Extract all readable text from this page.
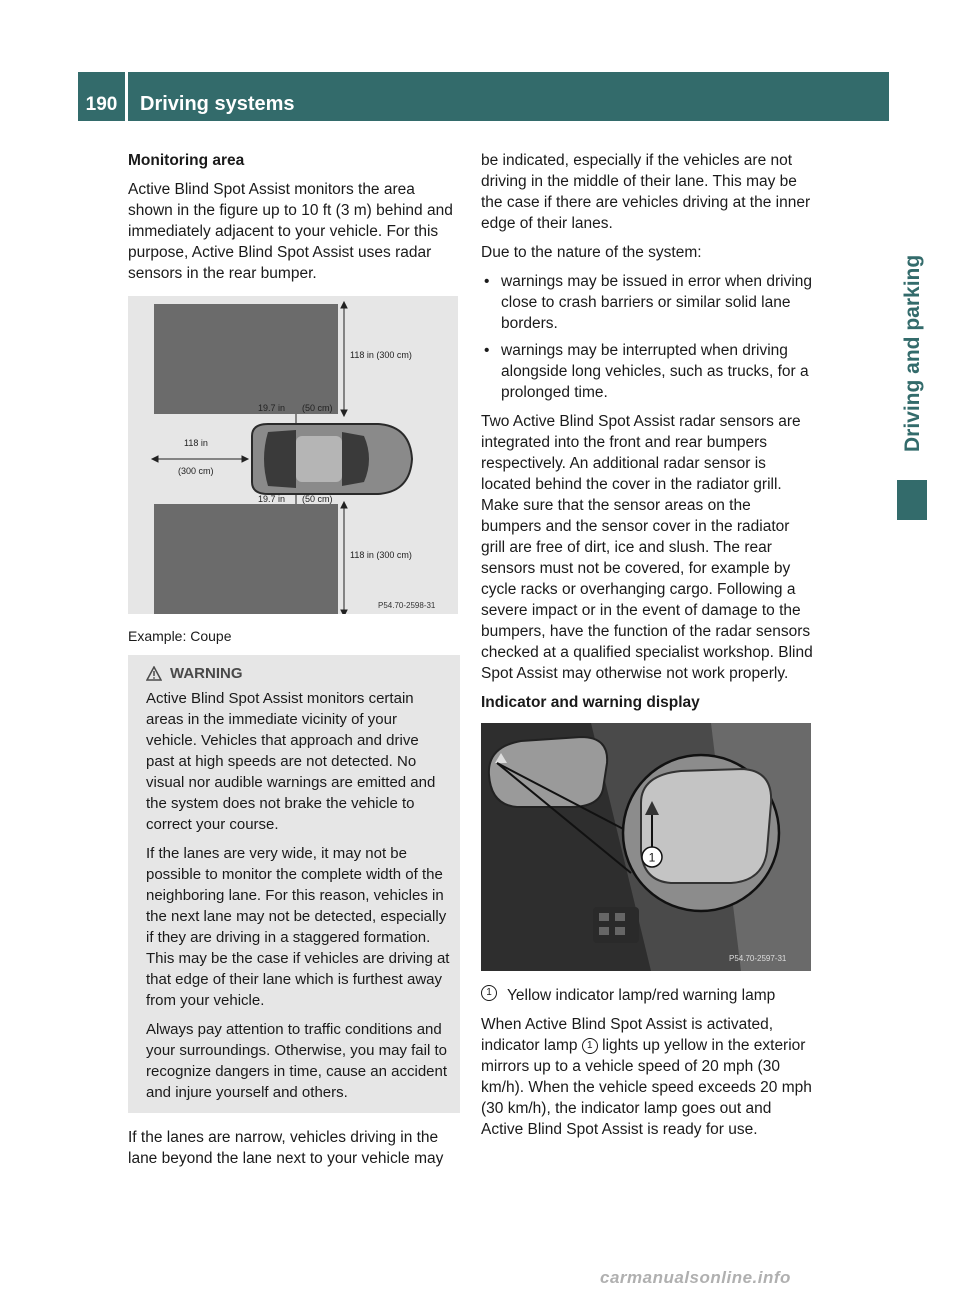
190	Driving systems
Driving and parking

Monitoring area

Active Blind Spot Assist monitors the area shown in the figure up to 10 ft (3 m) behind and immediately adjacent to your vehicle. For this purpose, Active Blind Spot Assist uses radar sensors in the rear bumper.

118 in (300 cm)
19.7 in (50 cm)
118 in
(300 cm)
19.7 in (50 cm)
118 in (300 cm)
P54.70-2598-31

Example: Coupe

WARNING

Active Blind Spot Assist monitors certain areas in the immediate vicinity of your vehicle. Vehicles that approach and drive past at high speeds are not detected. No visual nor audible warnings are emitted and the system does not brake the vehicle to correct your course.

If the lanes are very wide, it may not be possible to monitor the complete width of the neighboring lane. For this reason, vehicles in the next lane may not be detected, especially if they are driving in a staggered formation. This may be the case if vehicles are driving at that edge of their lane which is furthest away from your vehicle.

Always pay attention to traffic conditions and your surroundings. Otherwise, you may fail to recognize dangers in time, cause an accident and injure yourself and others.

If the lanes are narrow, vehicles driving in the lane beyond the lane next to your vehicle may

be indicated, especially if the vehicles are not driving in the middle of their lane. This may be the case if there are vehicles driving at the inner edge of their lanes.

Due to the nature of the system:

• warnings may be issued in error when driving close to crash barriers or similar solid lane borders.
• warnings may be interrupted when driving alongside long vehicles, such as trucks, for a prolonged time.

Two Active Blind Spot Assist radar sensors are integrated into the front and rear bumpers respectively. An additional radar sensor is located behind the cover in the radiator grill. Make sure that the sensor areas on the bumpers and the sensor cover in the radiator grill are free of dirt, ice and slush. The rear sensors must not be covered, for example by cycle racks or overhanging cargo. Following a severe impact or in the event of damage to the bumpers, have the function of the radar sensors checked at a qualified specialist workshop. Blind Spot Assist may otherwise not work properly.

Indicator and warning display

1
P54.70-2597-31
1 Yellow indicator lamp/red warning lamp

When Active Blind Spot Assist is activated, indicator lamp 1 lights up yellow in the exterior mirrors up to a vehicle speed of 20 mph (30 km/h). When the vehicle speed exceeds 20 mph (30 km/h), the indicator lamp goes out and Active Blind Spot Assist is ready for use.

carmanualsonline.info
